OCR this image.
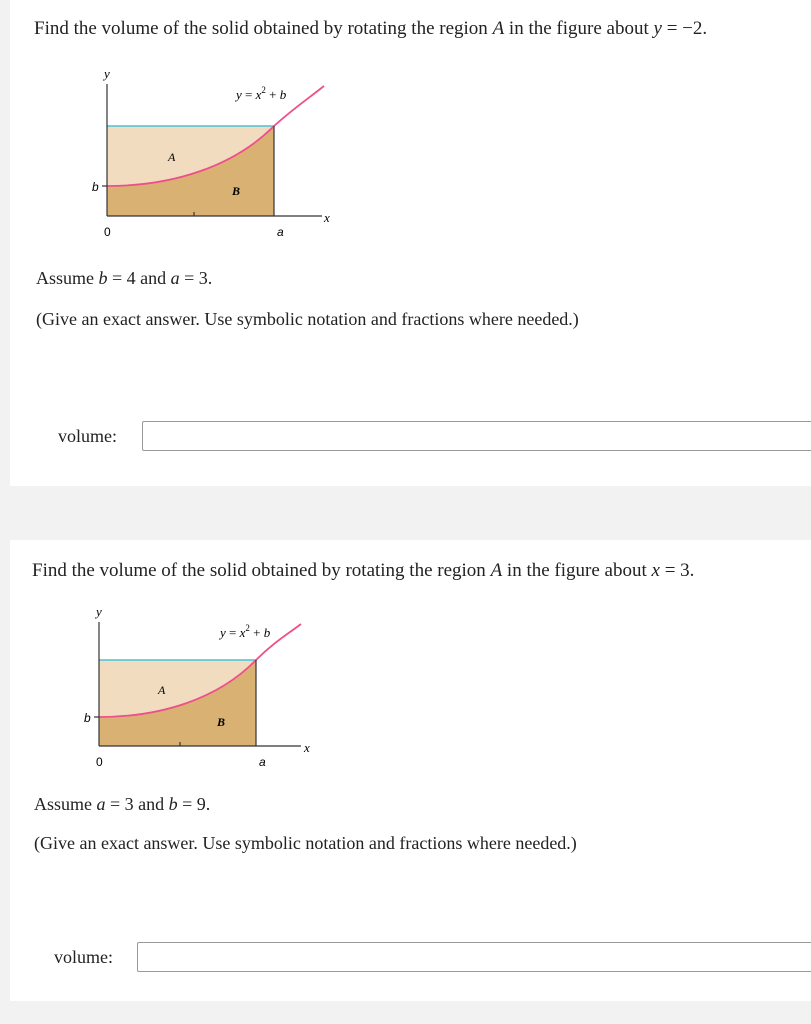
Find the volume of the solid obtained by rotating the region A in the figure about y = −2.
y
x
0
b
a
A
B
$y = x^2 + b$
Assume b = 4 and a = 3.
(Give an exact answer. Use symbolic notation and fractions where needed.)
volume:
Find the volume of the solid obtained by rotating the region A in the figure about x = 3.
y
x
0
b
a
A
B
$y = x^2 + b$
Assume a = 3 and b = 9.
(Give an exact answer. Use symbolic notation and fractions where needed.)
volume:
